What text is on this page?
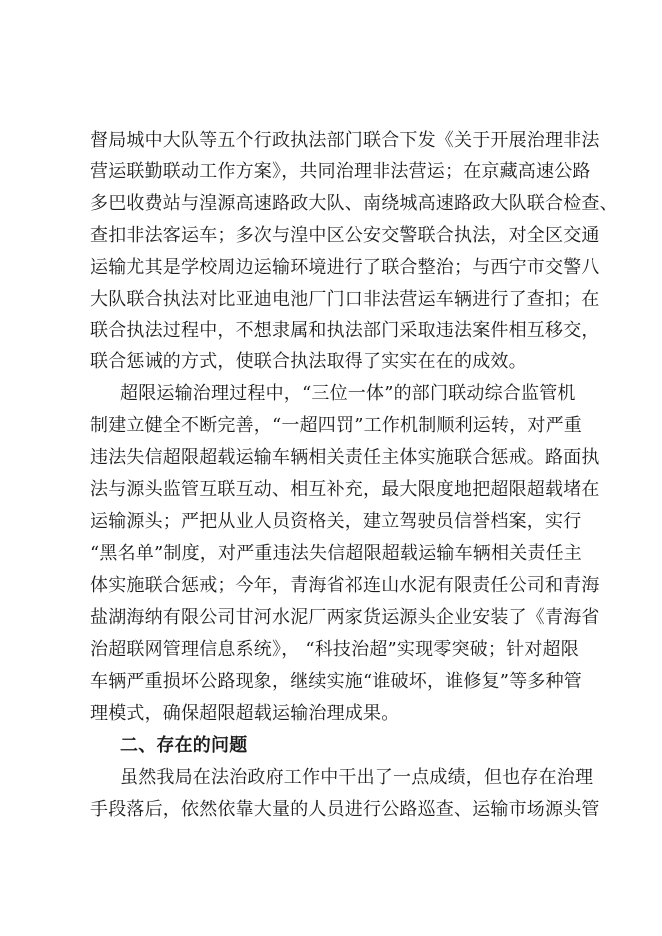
督局城中大队等五个行政执法部门联合下发《关于开展治理非法
营运联勤联动工作方案》，共同治理非法营运；在京藏高速公路
多巴收费站与湟源高速路政大队、南绕城高速路政大队联合检查、
查扣非法客运车；多次与湟中区公安交警联合执法，对全区交通
运输尤其是学校周边运输环境进行了联合整治；与西宁市交警八
大队联合执法对比亚迪电池厂门口非法营运车辆进行了查扣；在
联合执法过程中，不想隶属和执法部门采取违法案件相互移交，
联合惩诫的方式，使联合执法取得了实实在在的成效。
超限运输治理过程中，“三位一体”的部门联动综合监管机
制建立健全不断完善，“一超四罚”工作机制顺利运转，对严重
违法失信超限超载运输车辆相关责任主体实施联合惩戒。路面执
法与源头监管互联互动、相互补充，最大限度地把超限超载堵在
运输源头；严把从业人员资格关，建立驾驶员信誉档案，实行
“黑名单”制度，对严重违法失信超限超载运输车辆相关责任主
体实施联合惩戒；今年，青海省祁连山水泥有限责任公司和青海
盐湖海纳有限公司甘河水泥厂两家货运源头企业安装了《青海省
治超联网管理信息系统》， “科技治超”实现零突破；针对超限
车辆严重损坏公路现象，继续实施“谁破坏，谁修复”等多种管
理模式，确保超限超载运输治理成果。
二、存在的问题
虽然我局在法治政府工作中干出了一点成绩，但也存在治理
手段落后，依然依靠大量的人员进行公路巡查、运输市场源头管
